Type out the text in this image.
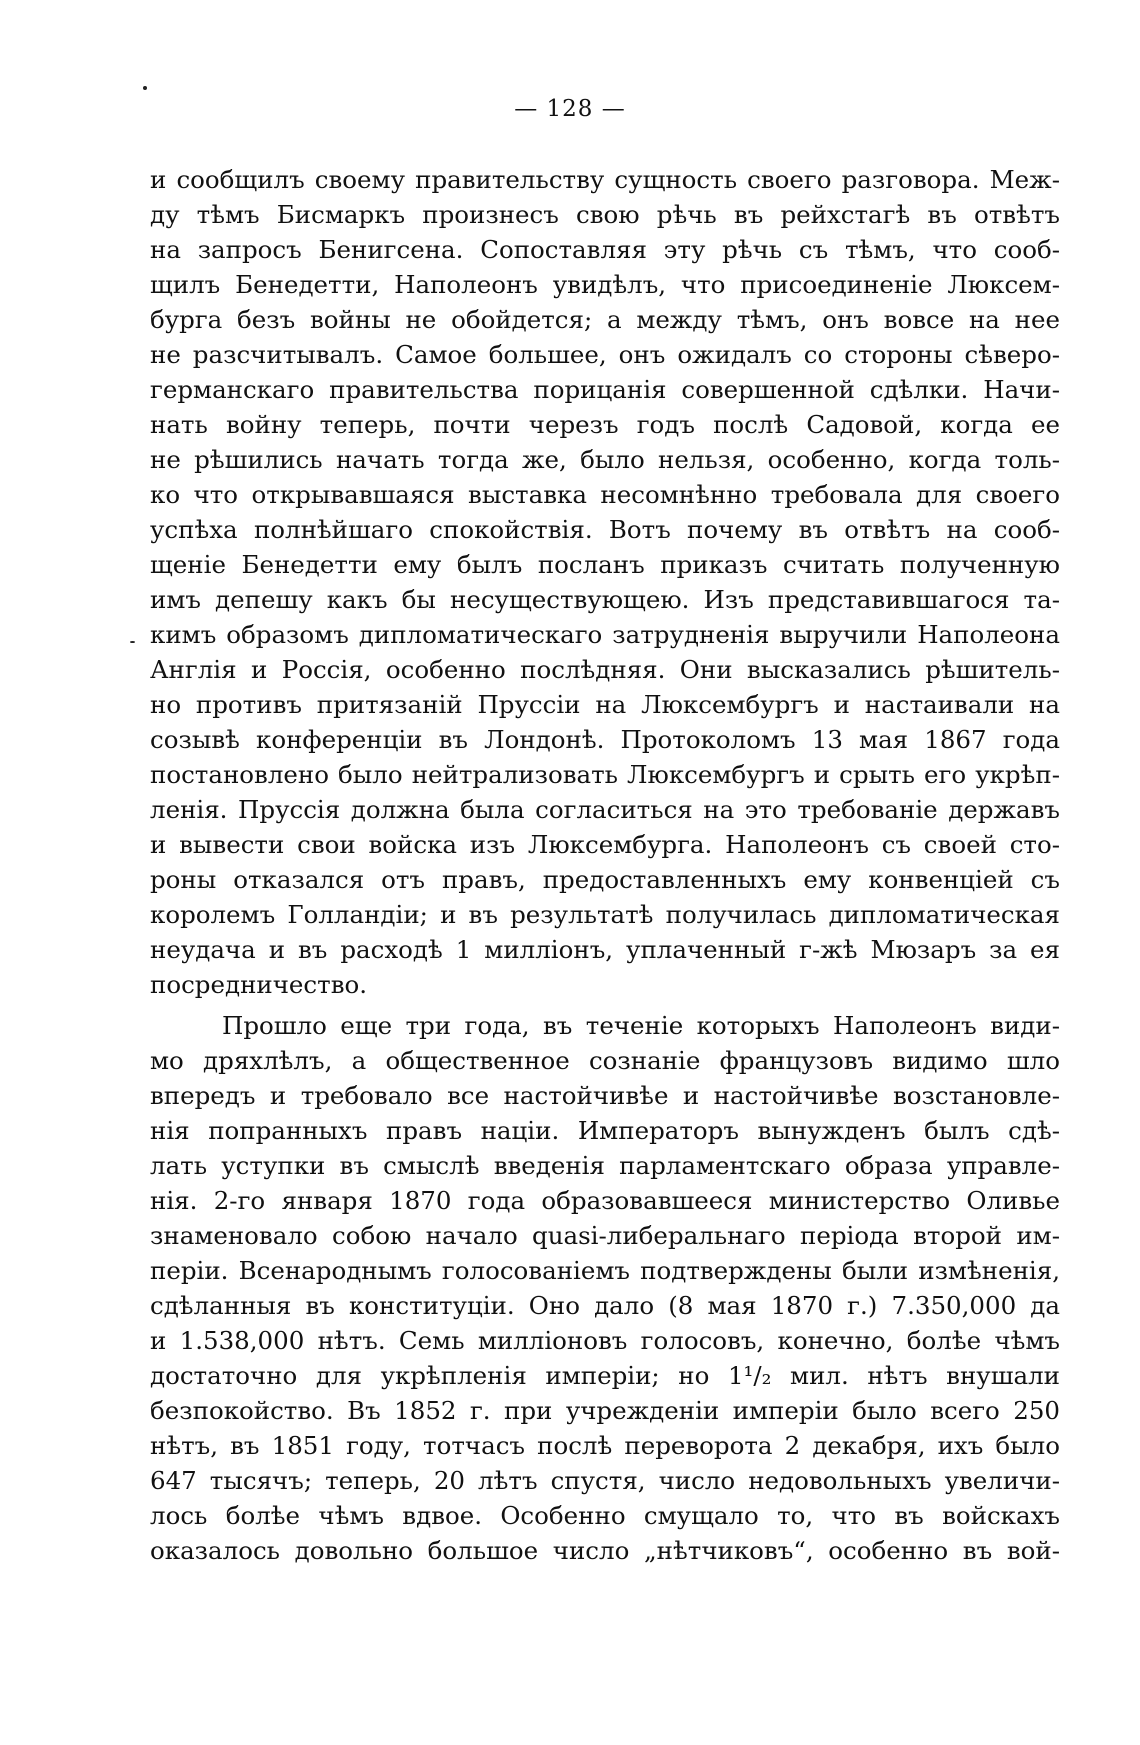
— 128 —
и сообщилъ своему правительству сущность своего разговора. Меж-
ду тѣмъ Бисмаркъ произнесъ свою рѣчь въ рейхстагѣ въ отвѣтъ
на запросъ Бенигсена. Сопоставляя эту рѣчь съ тѣмъ, что сооб-
щилъ Бенедетти, Наполеонъ увидѣлъ, что присоединеніе Люксем-
бурга безъ войны не обойдется; а между тѣмъ, онъ вовсе на нее
не разсчитывалъ. Самое большее, онъ ожидалъ со стороны сѣверо-
германскаго правительства порицанія совершенной сдѣлки. Начи-
нать войну теперь, почти черезъ годъ послѣ Садовой, когда ее
не рѣшились начать тогда же, было нельзя, особенно, когда толь-
ко что открывавшаяся выставка несомнѣнно требовала для своего
успѣха полнѣйшаго спокойствія. Вотъ почему въ отвѣтъ на сооб-
щеніе Бенедетти ему былъ посланъ приказъ считать полученную
имъ депешу какъ бы несуществующею. Изъ представившагося та-
кимъ образомъ дипломатическаго затрудненія выручили Наполеона
Англія и Россія, особенно послѣдняя. Они высказались рѣшитель-
но противъ притязаній Пруссіи на Люксембургъ и настаивали на
созывѣ конференціи въ Лондонѣ. Протоколомъ 13 мая 1867 года
постановлено было нейтрализовать Люксембургъ и срыть его укрѣп-
ленія. Пруссія должна была согласиться на это требованіе державъ
и вывести свои войска изъ Люксембурга. Наполеонъ съ своей сто-
роны отказался отъ правъ, предоставленныхъ ему конвенціей съ
королемъ Голландіи; и въ результатѣ получилась дипломатическая
неудача и въ расходѣ 1 милліонъ, уплаченный г-жѣ Мюзаръ за ея
посредничество.
Прошло еще три года, въ теченіе которыхъ Наполеонъ види-
мо дряхлѣлъ, а общественное сознаніе французовъ видимо шло
впередъ и требовало все настойчивѣе и настойчивѣе возстановле-
нія попранныхъ правъ націи. Императоръ вынужденъ былъ сдѣ-
лать уступки въ смыслѣ введенія парламентскаго образа управле-
нія. 2-го января 1870 года образовавшееся министерство Оливье
знаменовало собою начало quasi-либеральнаго періода второй им-
періи. Всенароднымъ голосованіемъ подтверждены были измѣненія,
сдѣланныя въ конституціи. Оно дало (8 мая 1870 г.) 7.350,000 да
и 1.538,000 нѣтъ. Семь милліоновъ голосовъ, конечно, болѣе чѣмъ
достаточно для укрѣпленія имперіи; но 1¹/₂ мил. нѣтъ внушали
безпокойство. Въ 1852 г. при учрежденіи имперіи было всего 250
нѣтъ, въ 1851 году, тотчасъ послѣ переворота 2 декабря, ихъ было
647 тысячъ; теперь, 20 лѣтъ спустя, число недовольныхъ увеличи-
лось болѣе чѣмъ вдвое. Особенно смущало то, что въ войскахъ
оказалось довольно большое число „нѣтчиковъ“, особенно въ вой-
